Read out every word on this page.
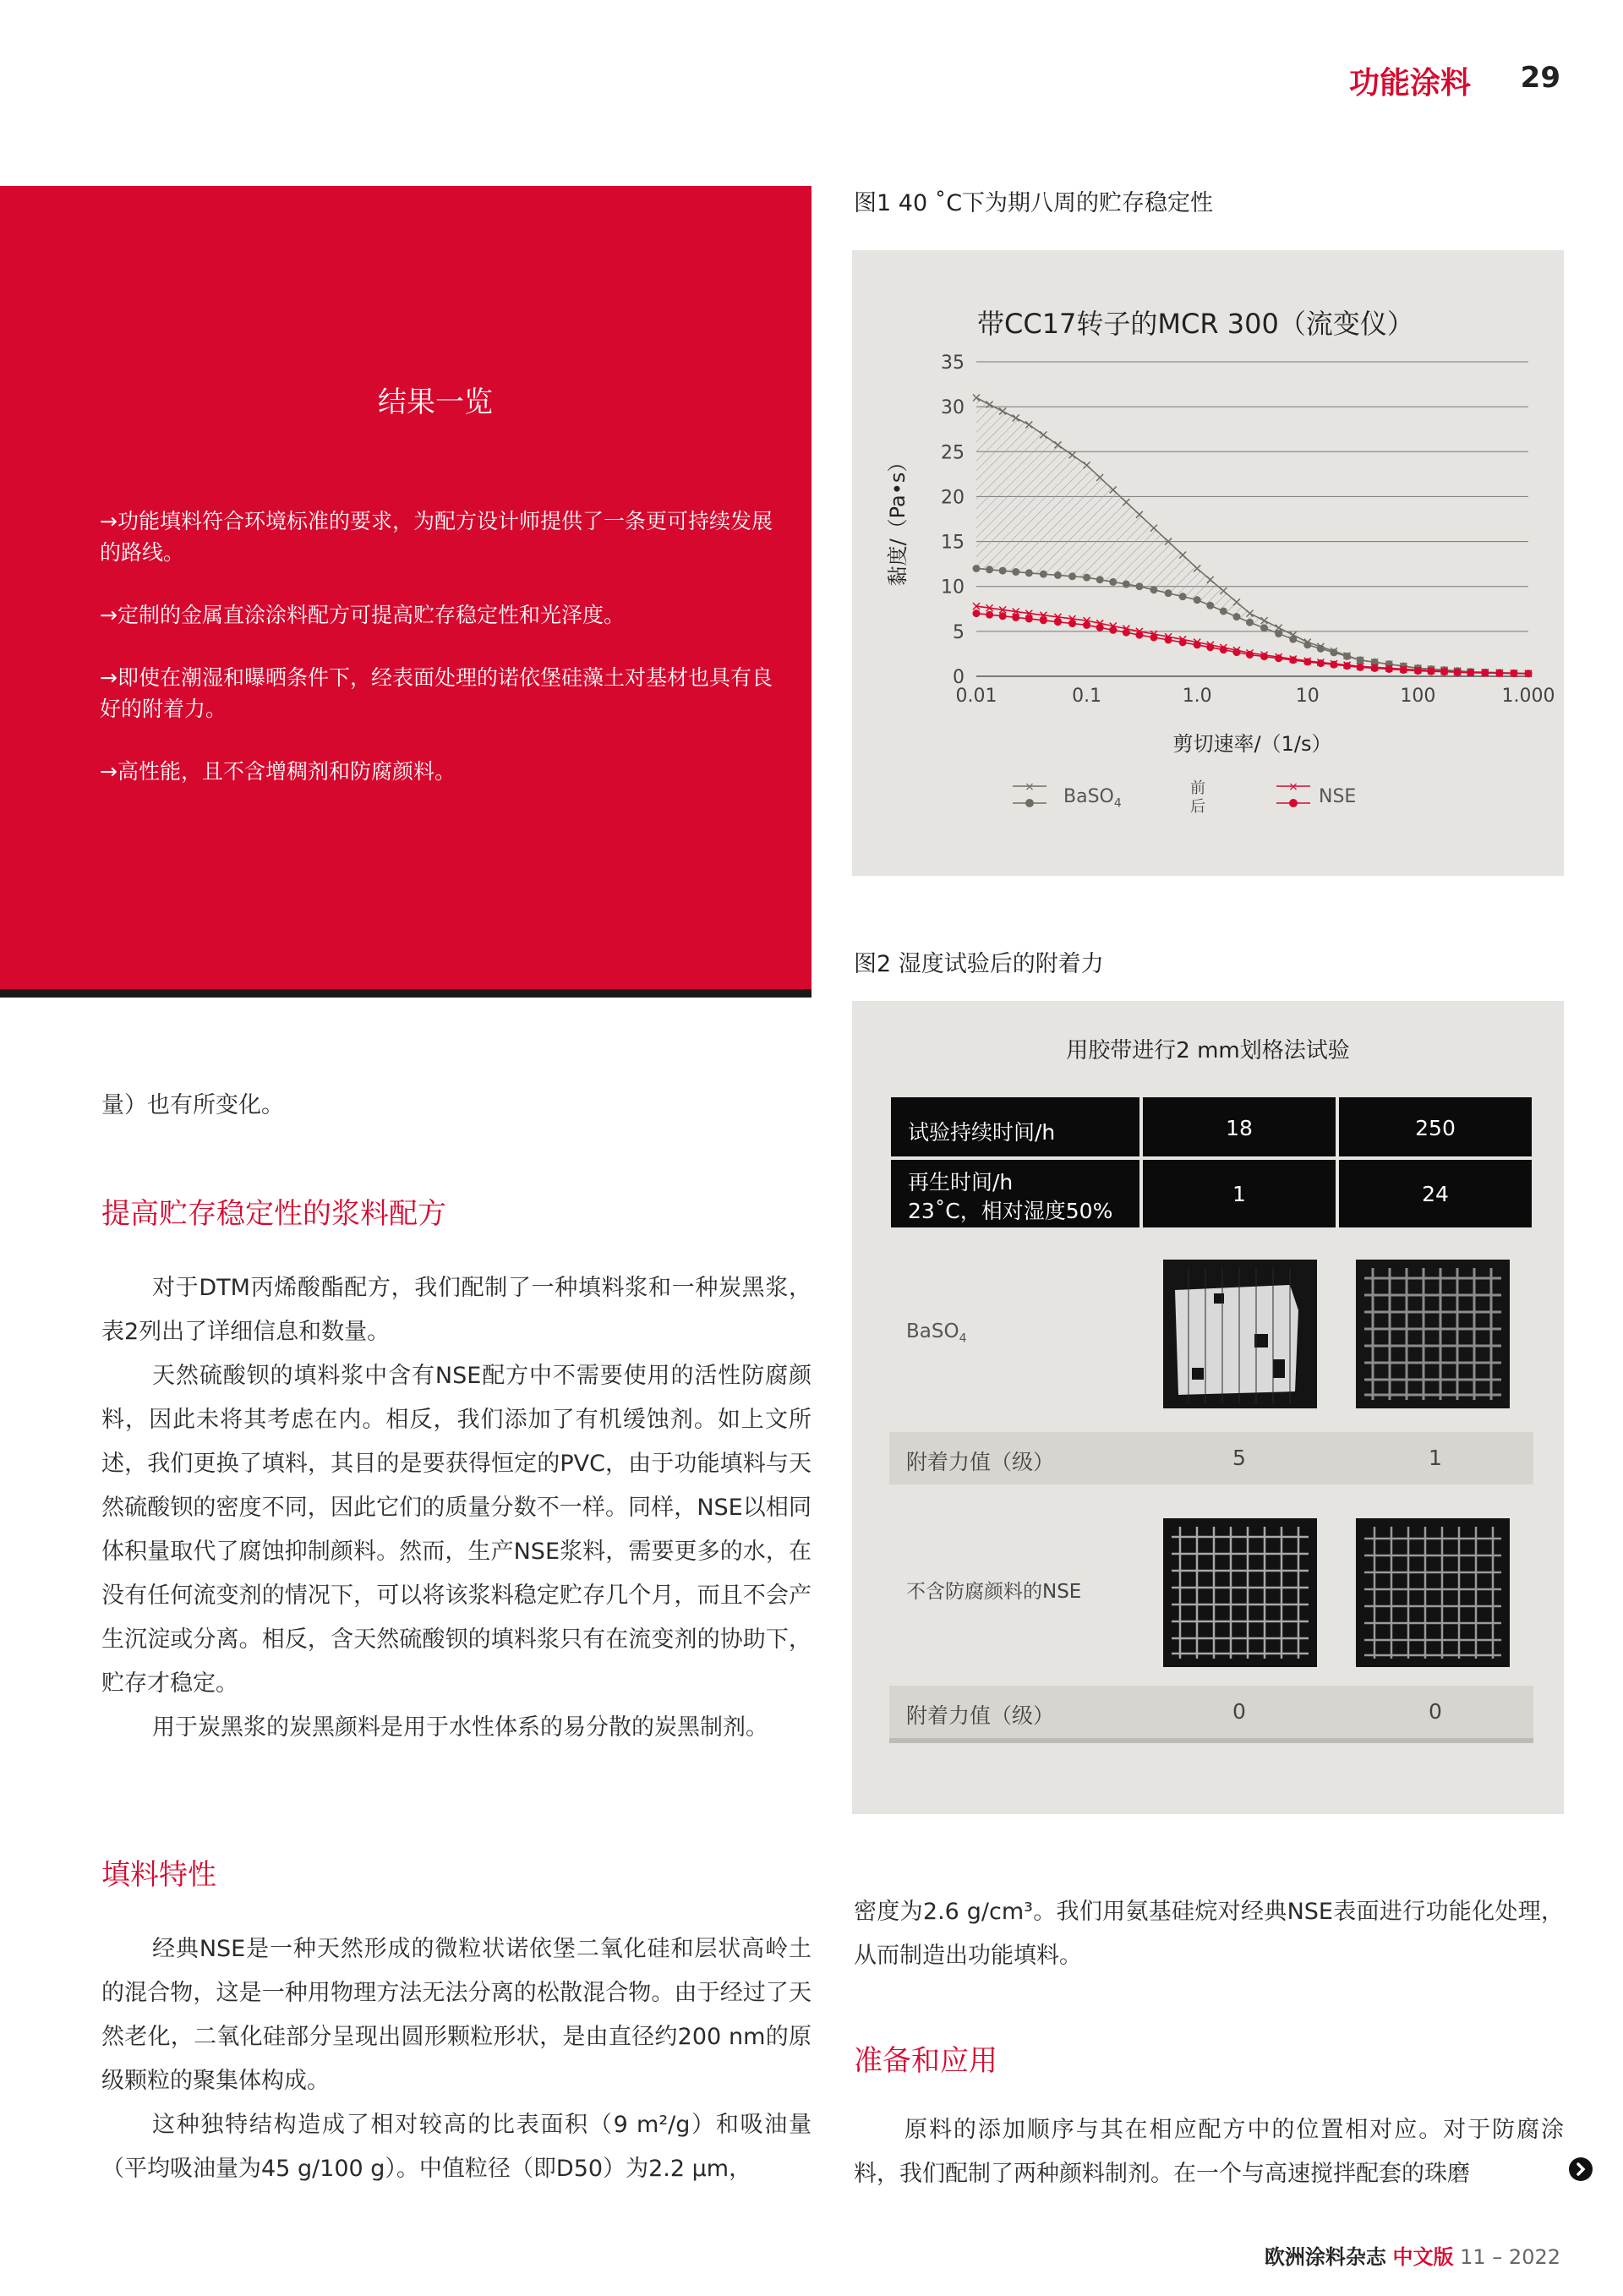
功能涂料 29
结果一览

→功能填料符合环境标准的要求，为配方设计师提供了一条更可持续发展的路线。

→定制的金属直涂涂料配方可提高贮存稳定性和光泽度。

→即使在潮湿和曝晒条件下，经表面处理的诺依堡硅藻土对基材也具有良好的附着力。

→高性能，且不含增稠剂和防腐颜料。

量）也有所变化。
提高贮存稳定性的浆料配方

对于DTM丙烯酸酯配方，我们配制了一种填料浆和一种炭黑浆，表2列出了详细信息和数量。

天然硫酸钡的填料浆中含有NSE配方中不需要使用的活性防腐颜料，因此未将其考虑在内。相反，我们添加了有机缓蚀剂。如上文所述，我们更换了填料，其目的是要获得恒定的PVC，由于功能填料与天然硫酸钡的密度不同，因此它们的质量分数不一样。同样，NSE以相同体积量取代了腐蚀抑制颜料。然而，生产NSE浆料，需要更多的水，在没有任何流变剂的情况下，可以将该浆料稳定贮存几个月，而且不会产生沉淀或分离。相反，含天然硫酸钡的填料浆只有在流变剂的协助下，贮存才稳定。

用于炭黑浆的炭黑颜料是用于水性体系的易分散的炭黑制剂。

填料特性

经典NSE是一种天然形成的微粒状诺依堡二氧化硅和层状高岭土的混合物，这是一种用物理方法无法分离的松散混合物。由于经过了天然老化，二氧化硅部分呈现出圆形颗粒形状，是由直径约200 nm的原级颗粒的聚集体构成。

这种独特结构造成了相对较高的比表面积（9 m²/g）和吸油量（平均吸油量为45 g/100 g）。中值粒径（即D50）为2.2 μm，

密度为2.6 g/cm³。我们用氨基硅烷对经典NSE表面进行功能化处理，从而制造出功能填料。
准备和应用

原料的添加顺序与其在相应配方中的位置相对应。对于防腐涂料，我们配制了两种颜料制剂。在一个与高速搅拌配套的珠磨

图1 40 ˚C下为期八周的贮存稳定性
带CC17转子的MCR 300（流变仪）
0
5
10
15
20
25
30
35
0.01	0.1	1.0	10	100	1.000
剪切速率/（1/s）
黏度/（Pa•s）
× BaSO$_4$
前
后
× NSE
图2 湿度试验后的附着力
用胶带进行2 mm划格法试验
试验持续时间/h	18	250
再生时间/h
23˚C，相对湿度50%
1	24
BaSO$_4$
附着力值（级）	5	1
不含防腐颜料的NSE
附着力值（级）	0	0
欧洲涂料杂志 中文版 11 – 2022
